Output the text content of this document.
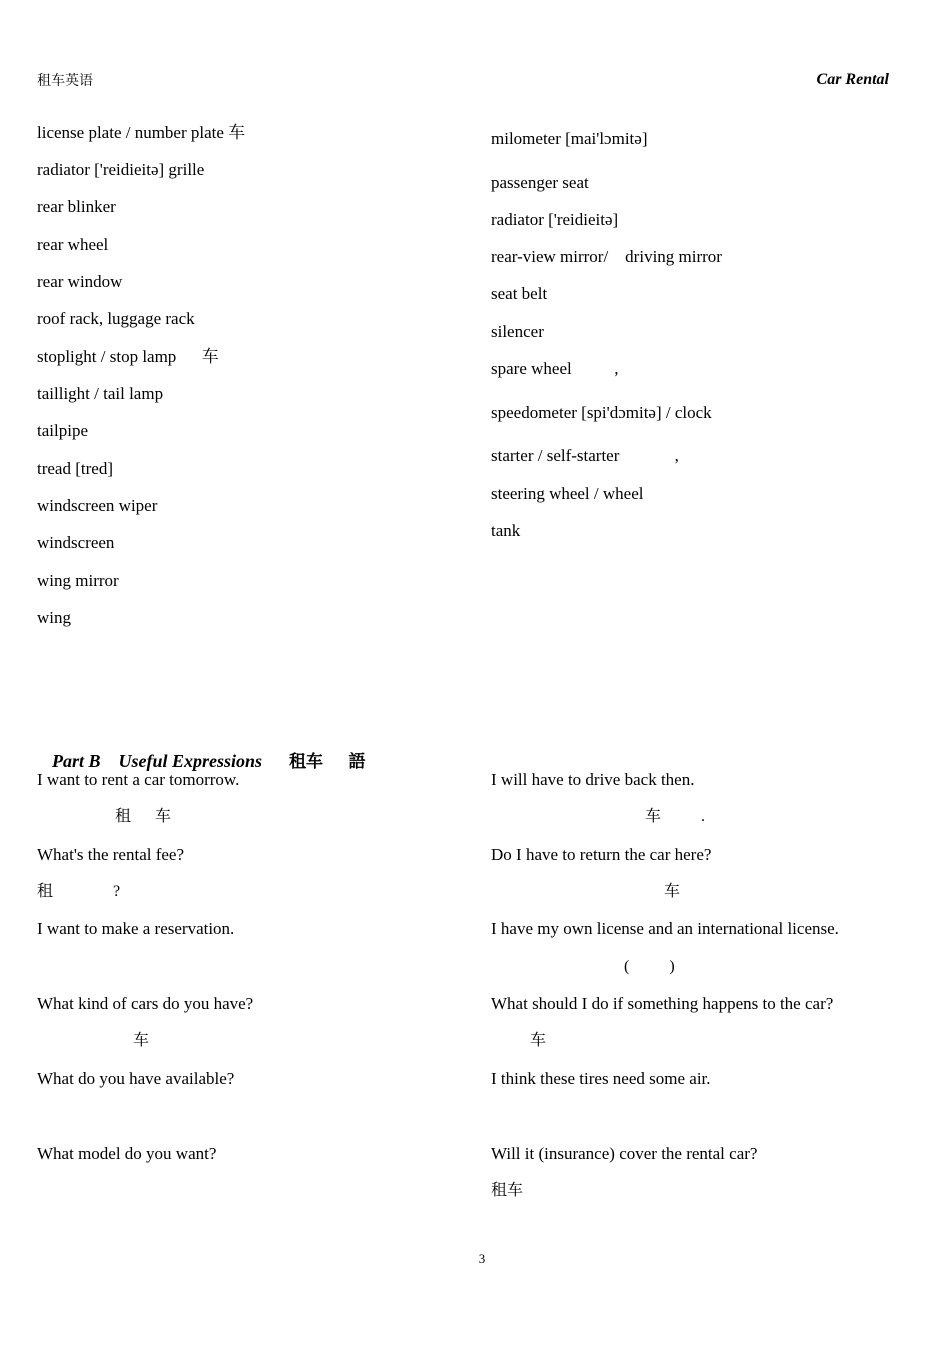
租车英语	Car Rental
license plate / number plate 车
radiator ['reidieitə] grille
rear blinker
rear wheel
rear window
roof rack, luggage rack
stoplight / stop lamp      车
taillight / tail lamp
tailpipe
tread [tred]
windscreen wiper
windscreen
wing mirror
wing
milometer [mai'lɔmitə]
passenger seat
radiator ['reidieitə]
rear-view mirror/    driving mirror
seat belt
silencer
spare wheel          ,
speedometer [spi'dɔmitə] / clock
starter / self-starter             ,
steering wheel / wheel
tank

Part B    Useful Expressions 租车      語

I want to rent a car tomorrow.
租      车
What's the rental fee?
租               ?
I want to make a reservation.
What kind of cars do you have?
车
What do you have available?
What model do you want?
I will have to drive back then.
车          .
Do I have to return the car here?
车
I have my own license and an international license.
(          )
What should I do if something happens to the car?
车
I think these tires need some air.
Will it (insurance) cover the rental car?
租车
3
